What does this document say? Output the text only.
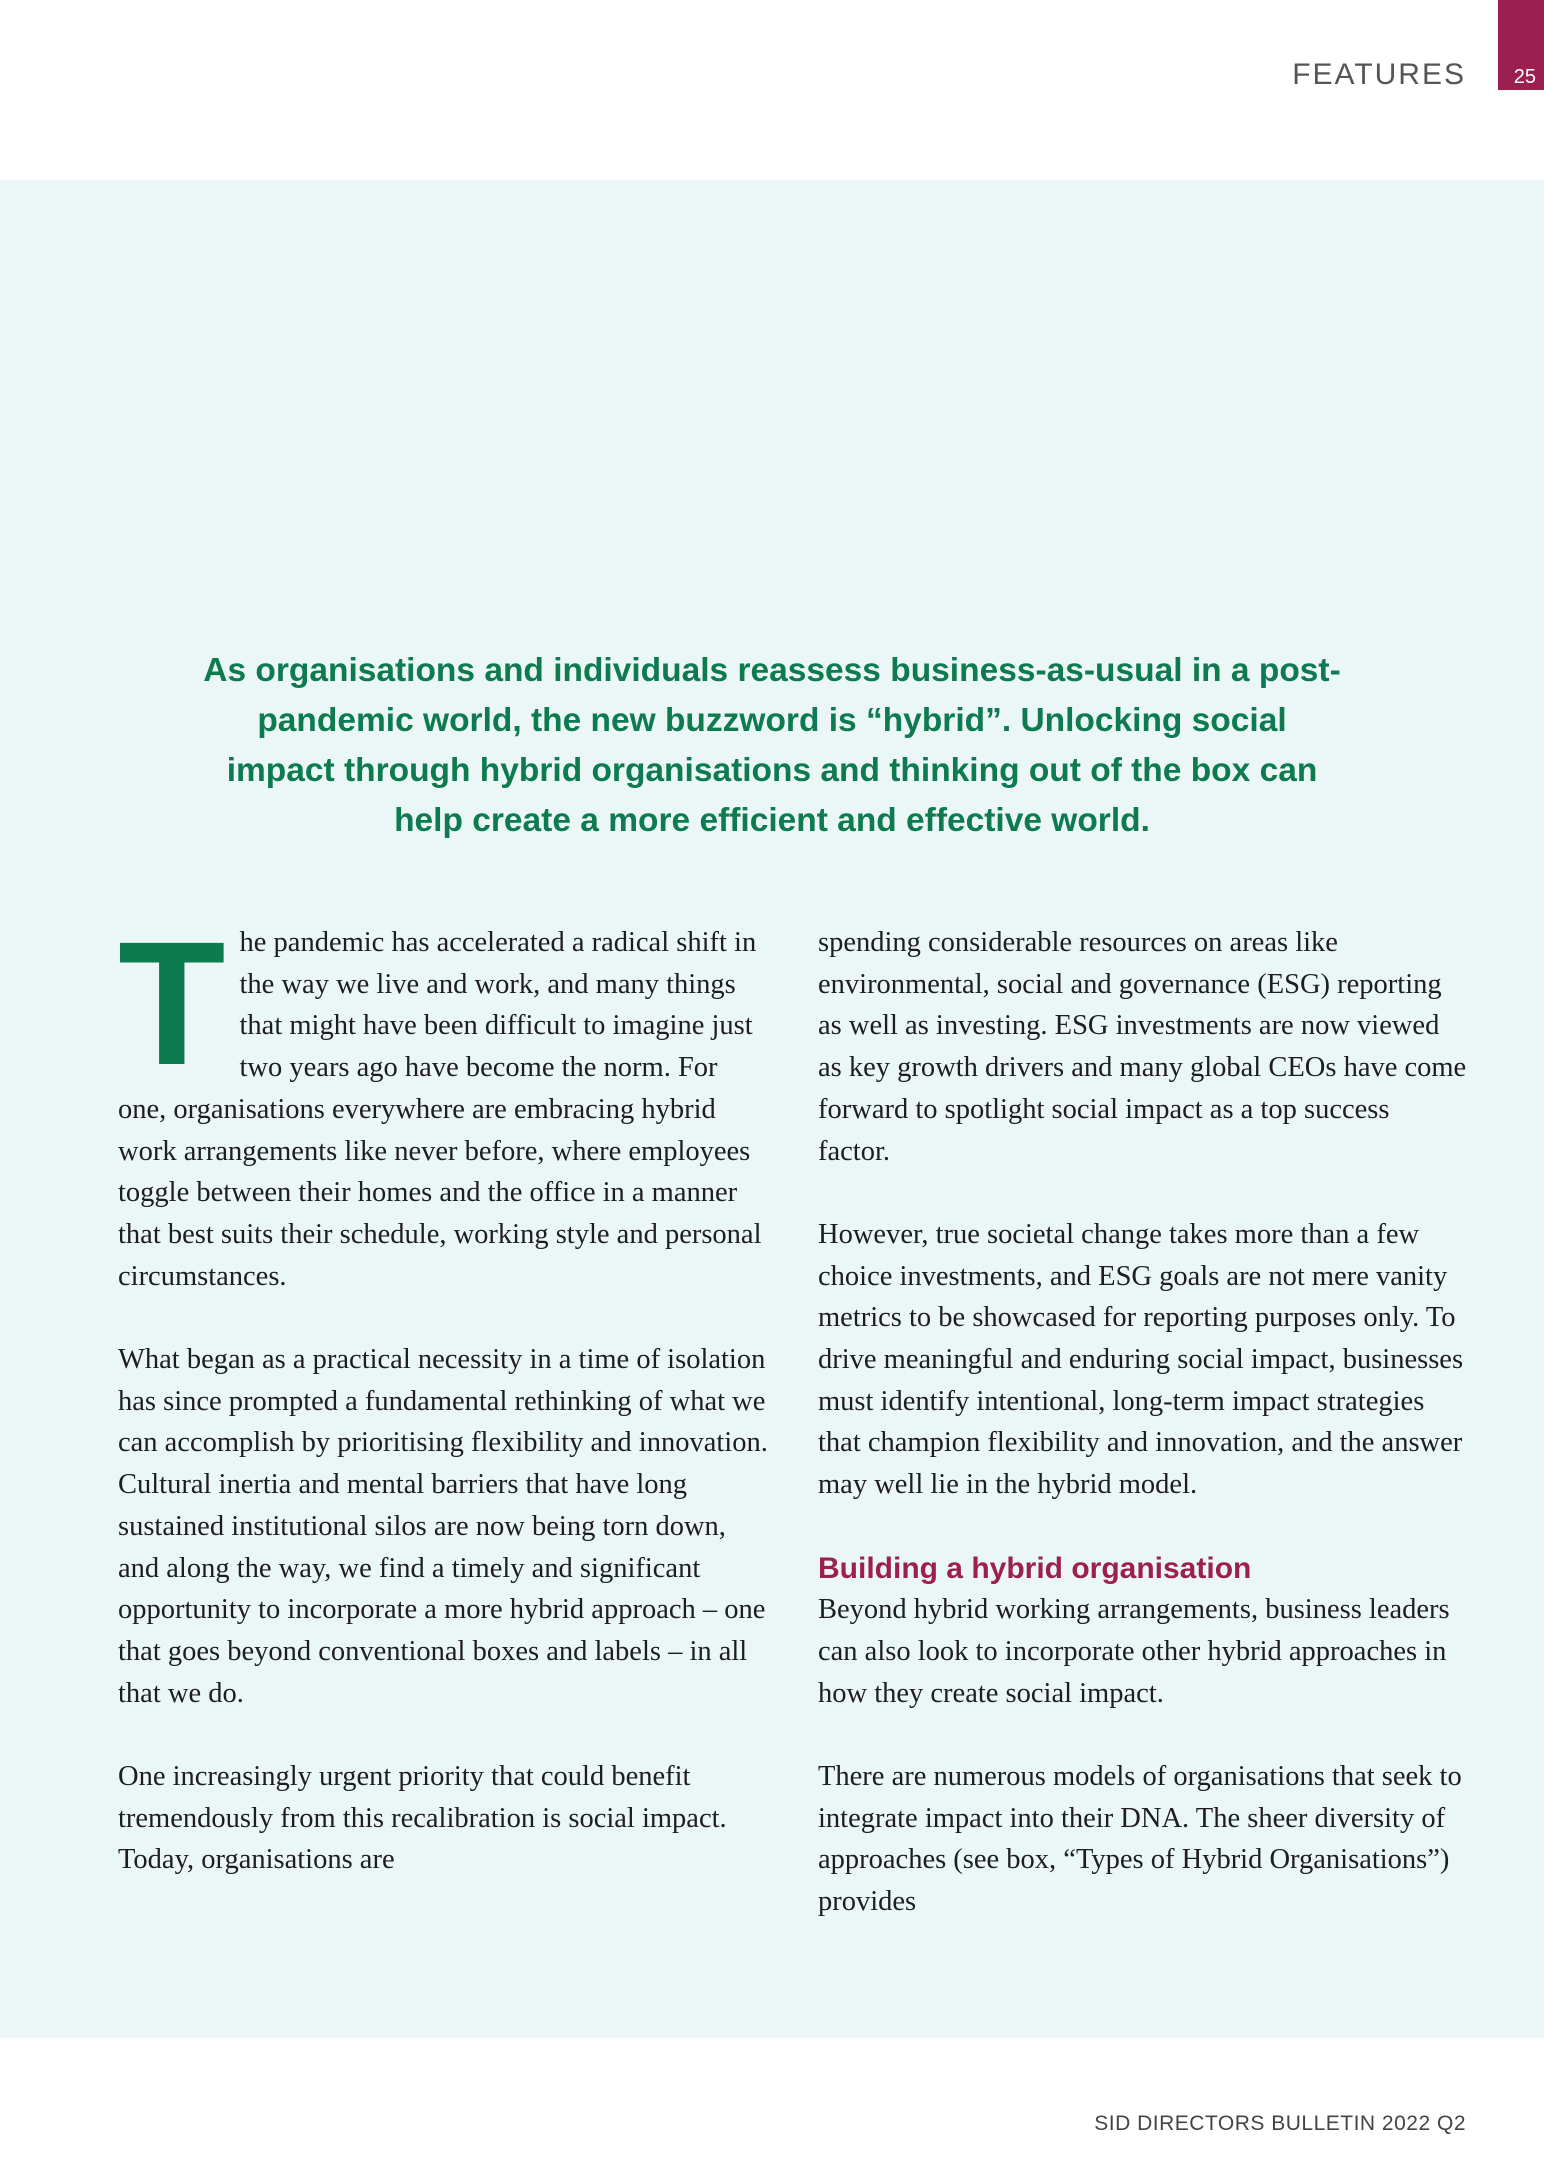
FEATURES 25

As organisations and individuals reassess business-as-usual in a post-pandemic world, the new buzzword is “hybrid”. Unlocking social impact through hybrid organisations and thinking out of the box can help create a more efficient and effective world.

The pandemic has accelerated a radical shift in the way we live and work, and many things that might have been difficult to imagine just two years ago have become the norm. For one, organisations everywhere are embracing hybrid work arrangements like never before, where employees toggle between their homes and the office in a manner that best suits their schedule, working style and personal circumstances.

What began as a practical necessity in a time of isolation has since prompted a fundamental rethinking of what we can accomplish by prioritising flexibility and innovation. Cultural inertia and mental barriers that have long sustained institutional silos are now being torn down, and along the way, we find a timely and significant opportunity to incorporate a more hybrid approach – one that goes beyond conventional boxes and labels – in all that we do.

One increasingly urgent priority that could benefit tremendously from this recalibration is social impact. Today, organisations are

spending considerable resources on areas like environmental, social and governance (ESG) reporting as well as investing. ESG investments are now viewed as key growth drivers and many global CEOs have come forward to spotlight social impact as a top success factor.

However, true societal change takes more than a few choice investments, and ESG goals are not mere vanity metrics to be showcased for reporting purposes only. To drive meaningful and enduring social impact, businesses must identify intentional, long-term impact strategies that champion flexibility and innovation, and the answer may well lie in the hybrid model.

Building a hybrid organisation

Beyond hybrid working arrangements, business leaders can also look to incorporate other hybrid approaches in how they create social impact.

There are numerous models of organisations that seek to integrate impact into their DNA. The sheer diversity of approaches (see box, “Types of Hybrid Organisations”) provides

SID DIRECTORS BULLETIN 2022 Q2
